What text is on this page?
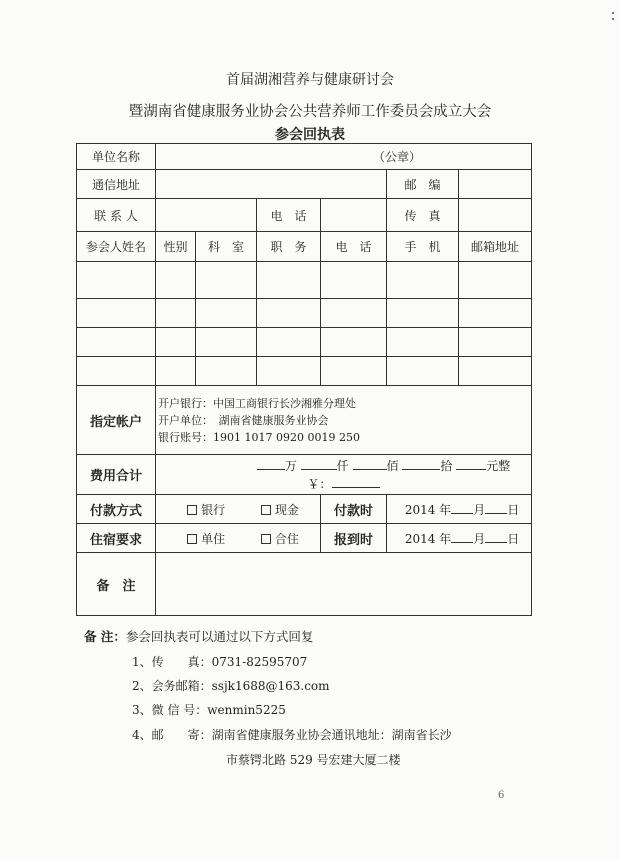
首届湖湘营养与健康研讨会
暨湖南省健康服务业协会公共营养师工作委员会成立大会
参会回执表
单位名称	（公章）					
通信地址					邮　编	
联 系 人			电　话		传　真	
参会人姓名	性别	科　室	职　务	电　话	手　机	邮箱地址

指定帐户	开户银行：中国工商银行长沙湘雅分理处
开户单位：　湖南省健康服务业协会
银行账号：1901 1017 0920 0019 250					

费用合计	万 仟 佰 拾 元整
￥：					

付款方式	银行 现金			付款时	2014 年 月 日	
住宿要求	单住 合住			报到时	2014 年 月 日	
备　注						
备 注：参会回执表可以通过以下方式回复
1、传　　真：0731-82595707
2、会务邮箱：ssjk1688@163.com
3、微 信 号：wenmin5225
4、邮　　寄：湖南省健康服务业协会通讯地址：湖南省长沙
市蔡锷北路 529 号宏建大厦二楼
6
